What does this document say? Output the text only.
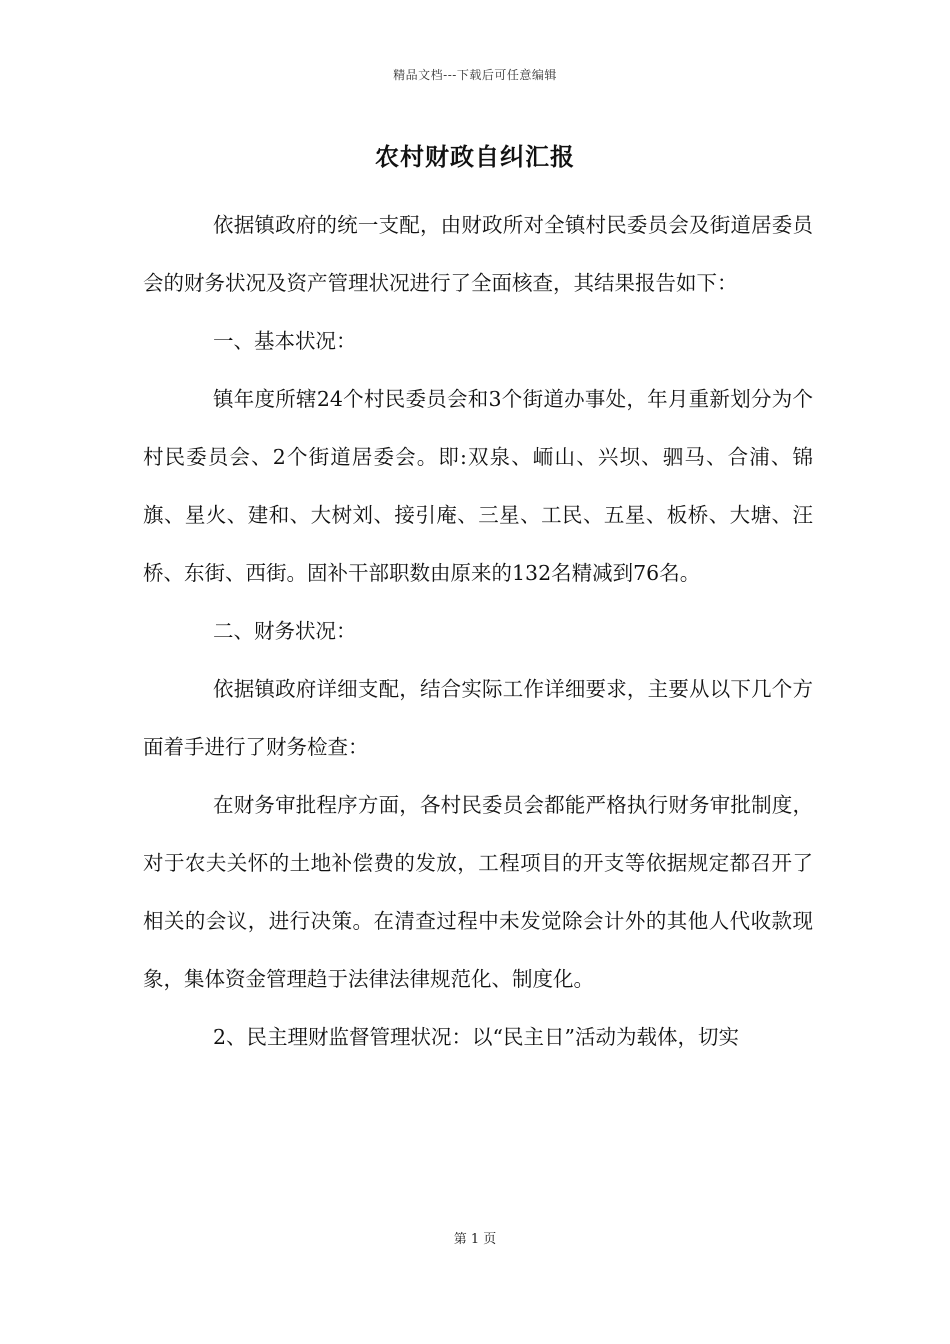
精品文档---下载后可任意编辑
农村财政自纠汇报

依据镇政府的统一支配，由财政所对全镇村民委员会及街道居委员会的财务状况及资产管理状况进行了全面核查，其结果报告如下：

一、基本状况：

镇年度所辖24个村民委员会和3个街道办事处，年月重新划分为个村民委员会、2个街道居委会。即:双泉、峏山、兴坝、驷马、合浦、锦旗、星火、建和、大树刘、接引庵、三星、工民、五星、板桥、大塘、汪桥、东街、西街。固补干部职数由原来的132名精减到76名。

二、财务状况：

依据镇政府详细支配，结合实际工作详细要求，主要从以下几个方面着手进行了财务检查：

在财务审批程序方面，各村民委员会都能严格执行财务审批制度，对于农夫关怀的土地补偿费的发放，工程项目的开支等依据规定都召开了相关的会议，进行决策。在清查过程中未发觉除会计外的其他人代收款现象，集体资金管理趋于法律法律规范化、制度化。

2、民主理财监督管理状况：以“民主日”活动为载体，切实

第 1 页
